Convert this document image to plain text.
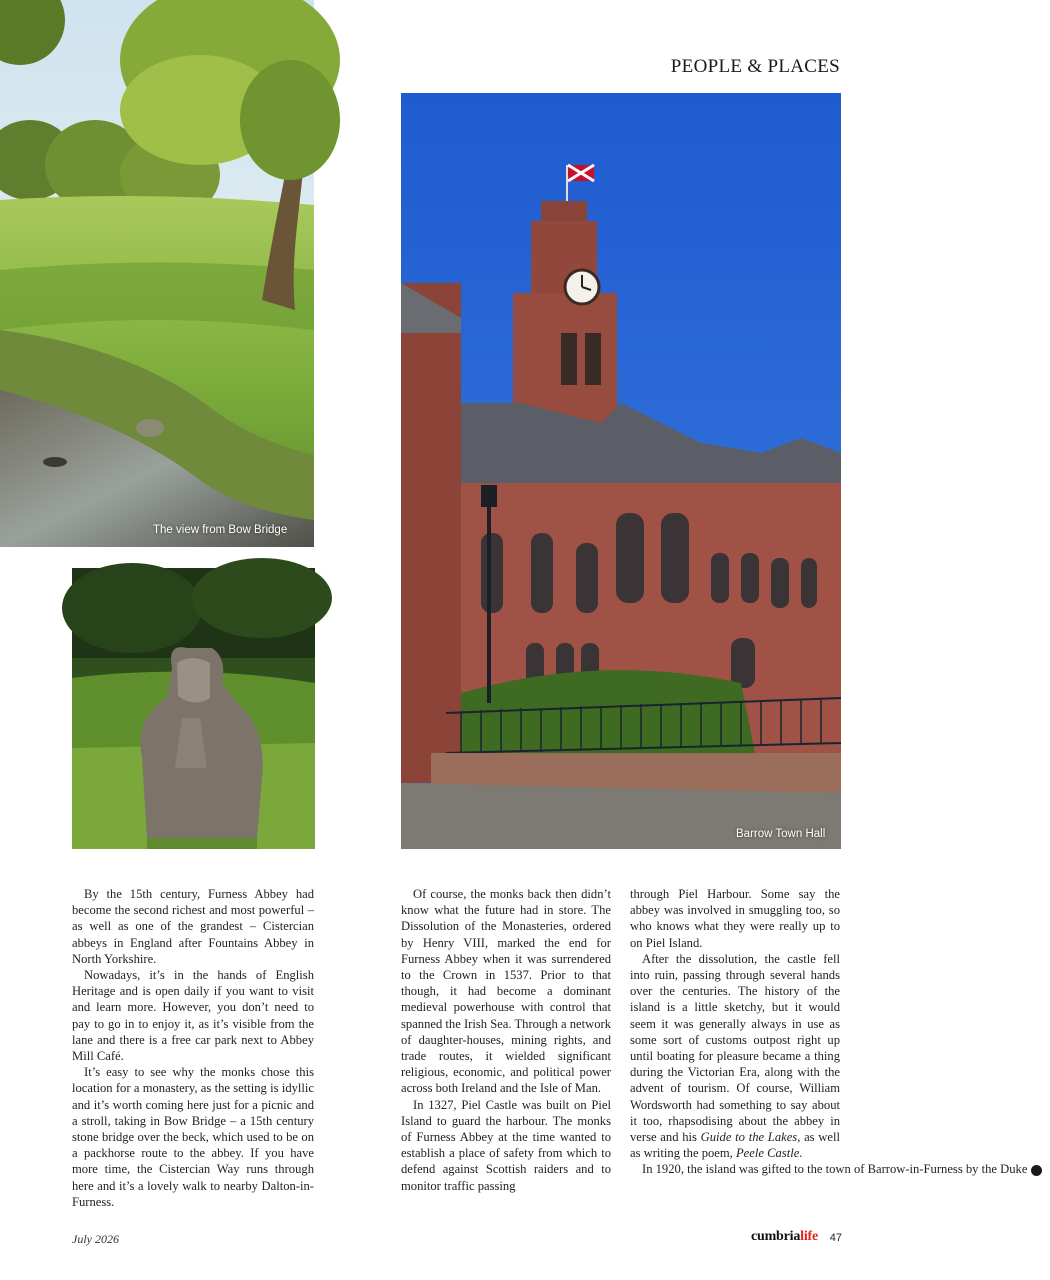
PEOPLE & PLACES
The view from Bow Bridge
Barrow Town Hall

By the 15th century, Furness Abbey had become the second richest and most powerful – as well as one of the grandest – Cistercian abbeys in England after Fountains Abbey in North Yorkshire.

Nowadays, it’s in the hands of English Heritage and is open daily if you want to visit and learn more. However, you don’t need to pay to go in to enjoy it, as it’s visible from the lane and there is a free car park next to Abbey Mill Café.

It’s easy to see why the monks chose this location for a monastery, as the setting is idyllic and it’s worth coming here just for a picnic and a stroll, taking in Bow Bridge – a 15th century stone bridge over the beck, which used to be on a packhorse route to the abbey. If you have more time, the Cistercian Way runs through here and it’s a lovely walk to nearby Dalton-in-Furness.

Of course, the monks back then didn’t know what the future had in store. The Dissolution of the Monasteries, ordered by Henry VIII, marked the end for Furness Abbey when it was surrendered to the Crown in 1537. Prior to that though, it had become a dominant medieval powerhouse with control that spanned the Irish Sea. Through a network of daughter-houses, mining rights, and trade routes, it wielded significant religious, economic, and political power across both Ireland and the Isle of Man.

In 1327, Piel Castle was built on Piel Island to guard the harbour. The monks of Furness Abbey at the time wanted to establish a place of safety from which to defend against Scottish raiders and to monitor traffic passing

through Piel Harbour. Some say the abbey was involved in smuggling too, so who knows what they were really up to on Piel Island.

After the dissolution, the castle fell into ruin, passing through several hands over the centuries. The history of the island is a little sketchy, but it would seem it was generally always in use as some sort of customs outpost right up until boating for pleasure became a thing during the Victorian Era, along with the advent of tourism. Of course, William Wordsworth had something to say about it too, rhapsodising about the abbey in verse and his Guide to the Lakes, as well as writing the poem, Peele Castle.

In 1920, the island was gifted to the town of Barrow-in-Furness by the Duke ▶

July 2026	cumbrialife 47
